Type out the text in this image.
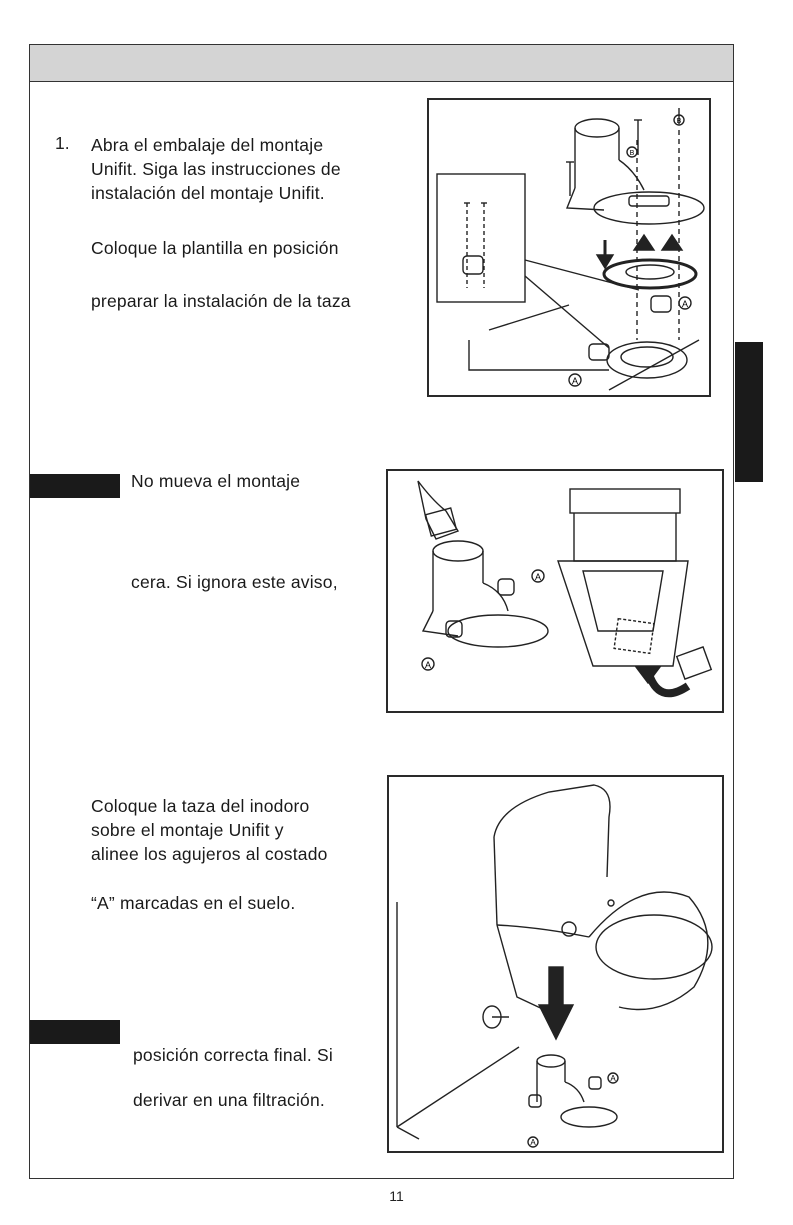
1. Abra el embalaje del montaje
Unifit. Siga las instrucciones de
instalación del montaje Unifit.
Coloque la plantilla en posición
preparar la instalación de la taza
No mueva el montaje
cera. Si ignora este aviso,
Coloque la taza del inodoro
sobre el montaje Unifit y
alinee los agujeros al costado
“A” marcadas en el suelo.
posición correcta final. Si
derivar en una filtración.
A
A
B
B
A
A
A
A
11
